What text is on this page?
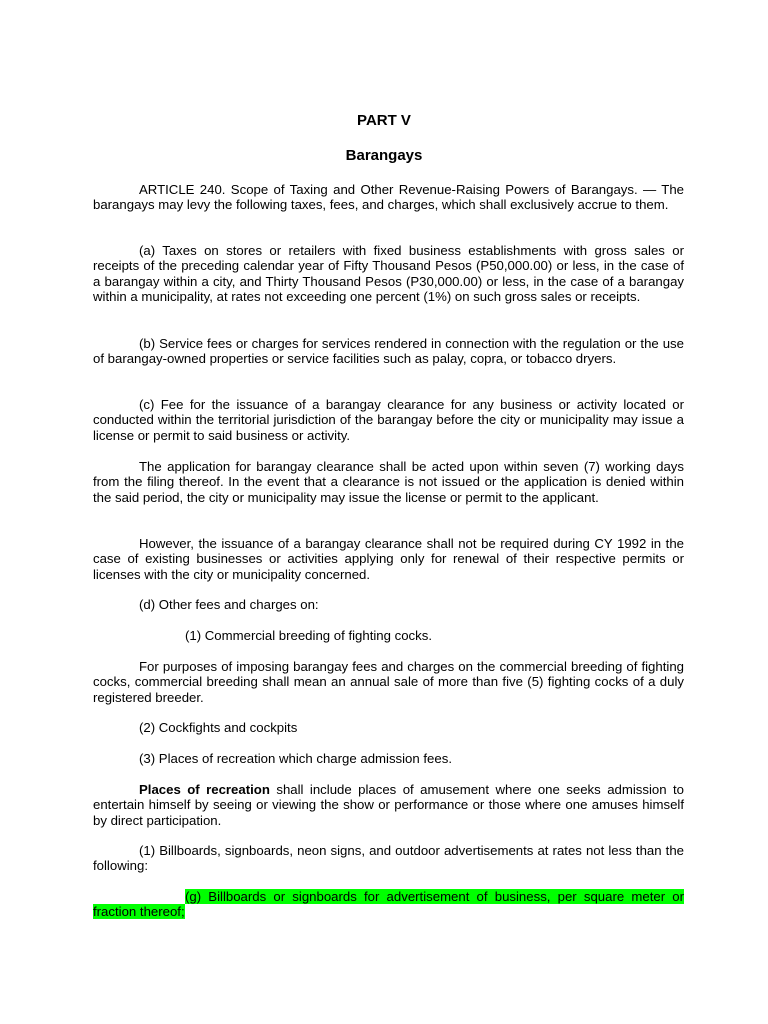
PART V
Barangays

ARTICLE 240. Scope of Taxing and Other Revenue-Raising Powers of Barangays. — The barangays may levy the following taxes, fees, and charges, which shall exclusively accrue to them.

(a) Taxes on stores or retailers with fixed business establishments with gross sales or receipts of the preceding calendar year of Fifty Thousand Pesos (P50,000.00) or less, in the case of a barangay within a city, and Thirty Thousand Pesos (P30,000.00) or less, in the case of a barangay within a municipality, at rates not exceeding one percent (1%) on such gross sales or receipts.

(b) Service fees or charges for services rendered in connection with the regulation or the use of barangay-owned properties or service facilities such as palay, copra, or tobacco dryers.

(c) Fee for the issuance of a barangay clearance for any business or activity located or conducted within the territorial jurisdiction of the barangay before the city or municipality may issue a license or permit to said business or activity.

The application for barangay clearance shall be acted upon within seven (7) working days from the filing thereof. In the event that a clearance is not issued or the application is denied within the said period, the city or municipality may issue the license or permit to the applicant.

However, the issuance of a barangay clearance shall not be required during CY 1992 in the case of existing businesses or activities applying only for renewal of their respective permits or licenses with the city or municipality concerned.

(d) Other fees and charges on:

(1) Commercial breeding of fighting cocks.

For purposes of imposing barangay fees and charges on the commercial breeding of fighting cocks, commercial breeding shall mean an annual sale of more than five (5) fighting cocks of a duly registered breeder.

(2) Cockfights and cockpits

(3) Places of recreation which charge admission fees.

Places of recreation shall include places of amusement where one seeks admission to entertain himself by seeing or viewing the show or performance or those where one amuses himself by direct participation.

(1) Billboards, signboards, neon signs, and outdoor advertisements at rates not less than the following:

(g) Billboards or signboards for advertisement of business, per square meter or
fraction thereof;
